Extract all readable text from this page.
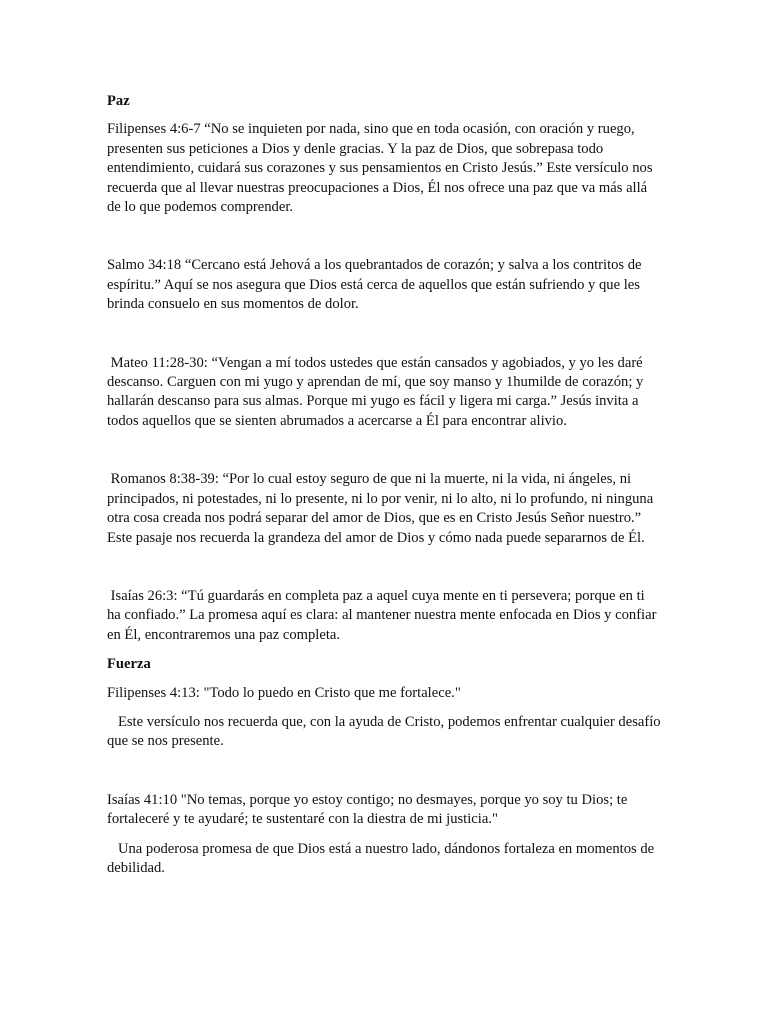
Paz
Filipenses 4:6-7 “No se inquieten por nada, sino que en toda ocasión, con oración y ruego, presenten sus peticiones a Dios y denle gracias. Y la paz de Dios, que sobrepasa todo entendimiento, cuidará sus corazones y sus pensamientos en Cristo Jesús.” Este versículo nos recuerda que al llevar nuestras preocupaciones a Dios, Él nos ofrece una paz que va más allá de lo que podemos comprender.
Salmo 34:18 “Cercano está Jehová a los quebrantados de corazón; y salva a los contritos de espíritu.” Aquí se nos asegura que Dios está cerca de aquellos que están sufriendo y que les brinda consuelo en sus momentos de dolor.
Mateo 11:28-30: “Vengan a mí todos ustedes que están cansados y agobiados, y yo les daré descanso. Carguen con mi yugo y aprendan de mí, que soy manso y 1humilde de corazón; y hallarán descanso para sus almas. Porque mi yugo es fácil y ligera mi carga.” Jesús invita a todos aquellos que se sienten abrumados a acercarse a Él para encontrar alivio.
Romanos 8:38-39: “Por lo cual estoy seguro de que ni la muerte, ni la vida, ni ángeles, ni principados, ni potestades, ni lo presente, ni lo por venir, ni lo alto, ni lo profundo, ni ninguna otra cosa creada nos podrá separar del amor de Dios, que es en Cristo Jesús Señor nuestro.” Este pasaje nos recuerda la grandeza del amor de Dios y cómo nada puede separarnos de Él.
Isaías 26:3: “Tú guardarás en completa paz a aquel cuya mente en ti persevera; porque en ti ha confiado.” La promesa aquí es clara: al mantener nuestra mente enfocada en Dios y confiar en Él, encontraremos una paz completa.
Fuerza
Filipenses 4:13: "Todo lo puedo en Cristo que me fortalece."
Este versículo nos recuerda que, con la ayuda de Cristo, podemos enfrentar cualquier desafío que se nos presente.
Isaías 41:10 "No temas, porque yo estoy contigo; no desmayes, porque yo soy tu Dios; te fortaleceré y te ayudaré; te sustentaré con la diestra de mi justicia."
Una poderosa promesa de que Dios está a nuestro lado, dándonos fortaleza en momentos de debilidad.
